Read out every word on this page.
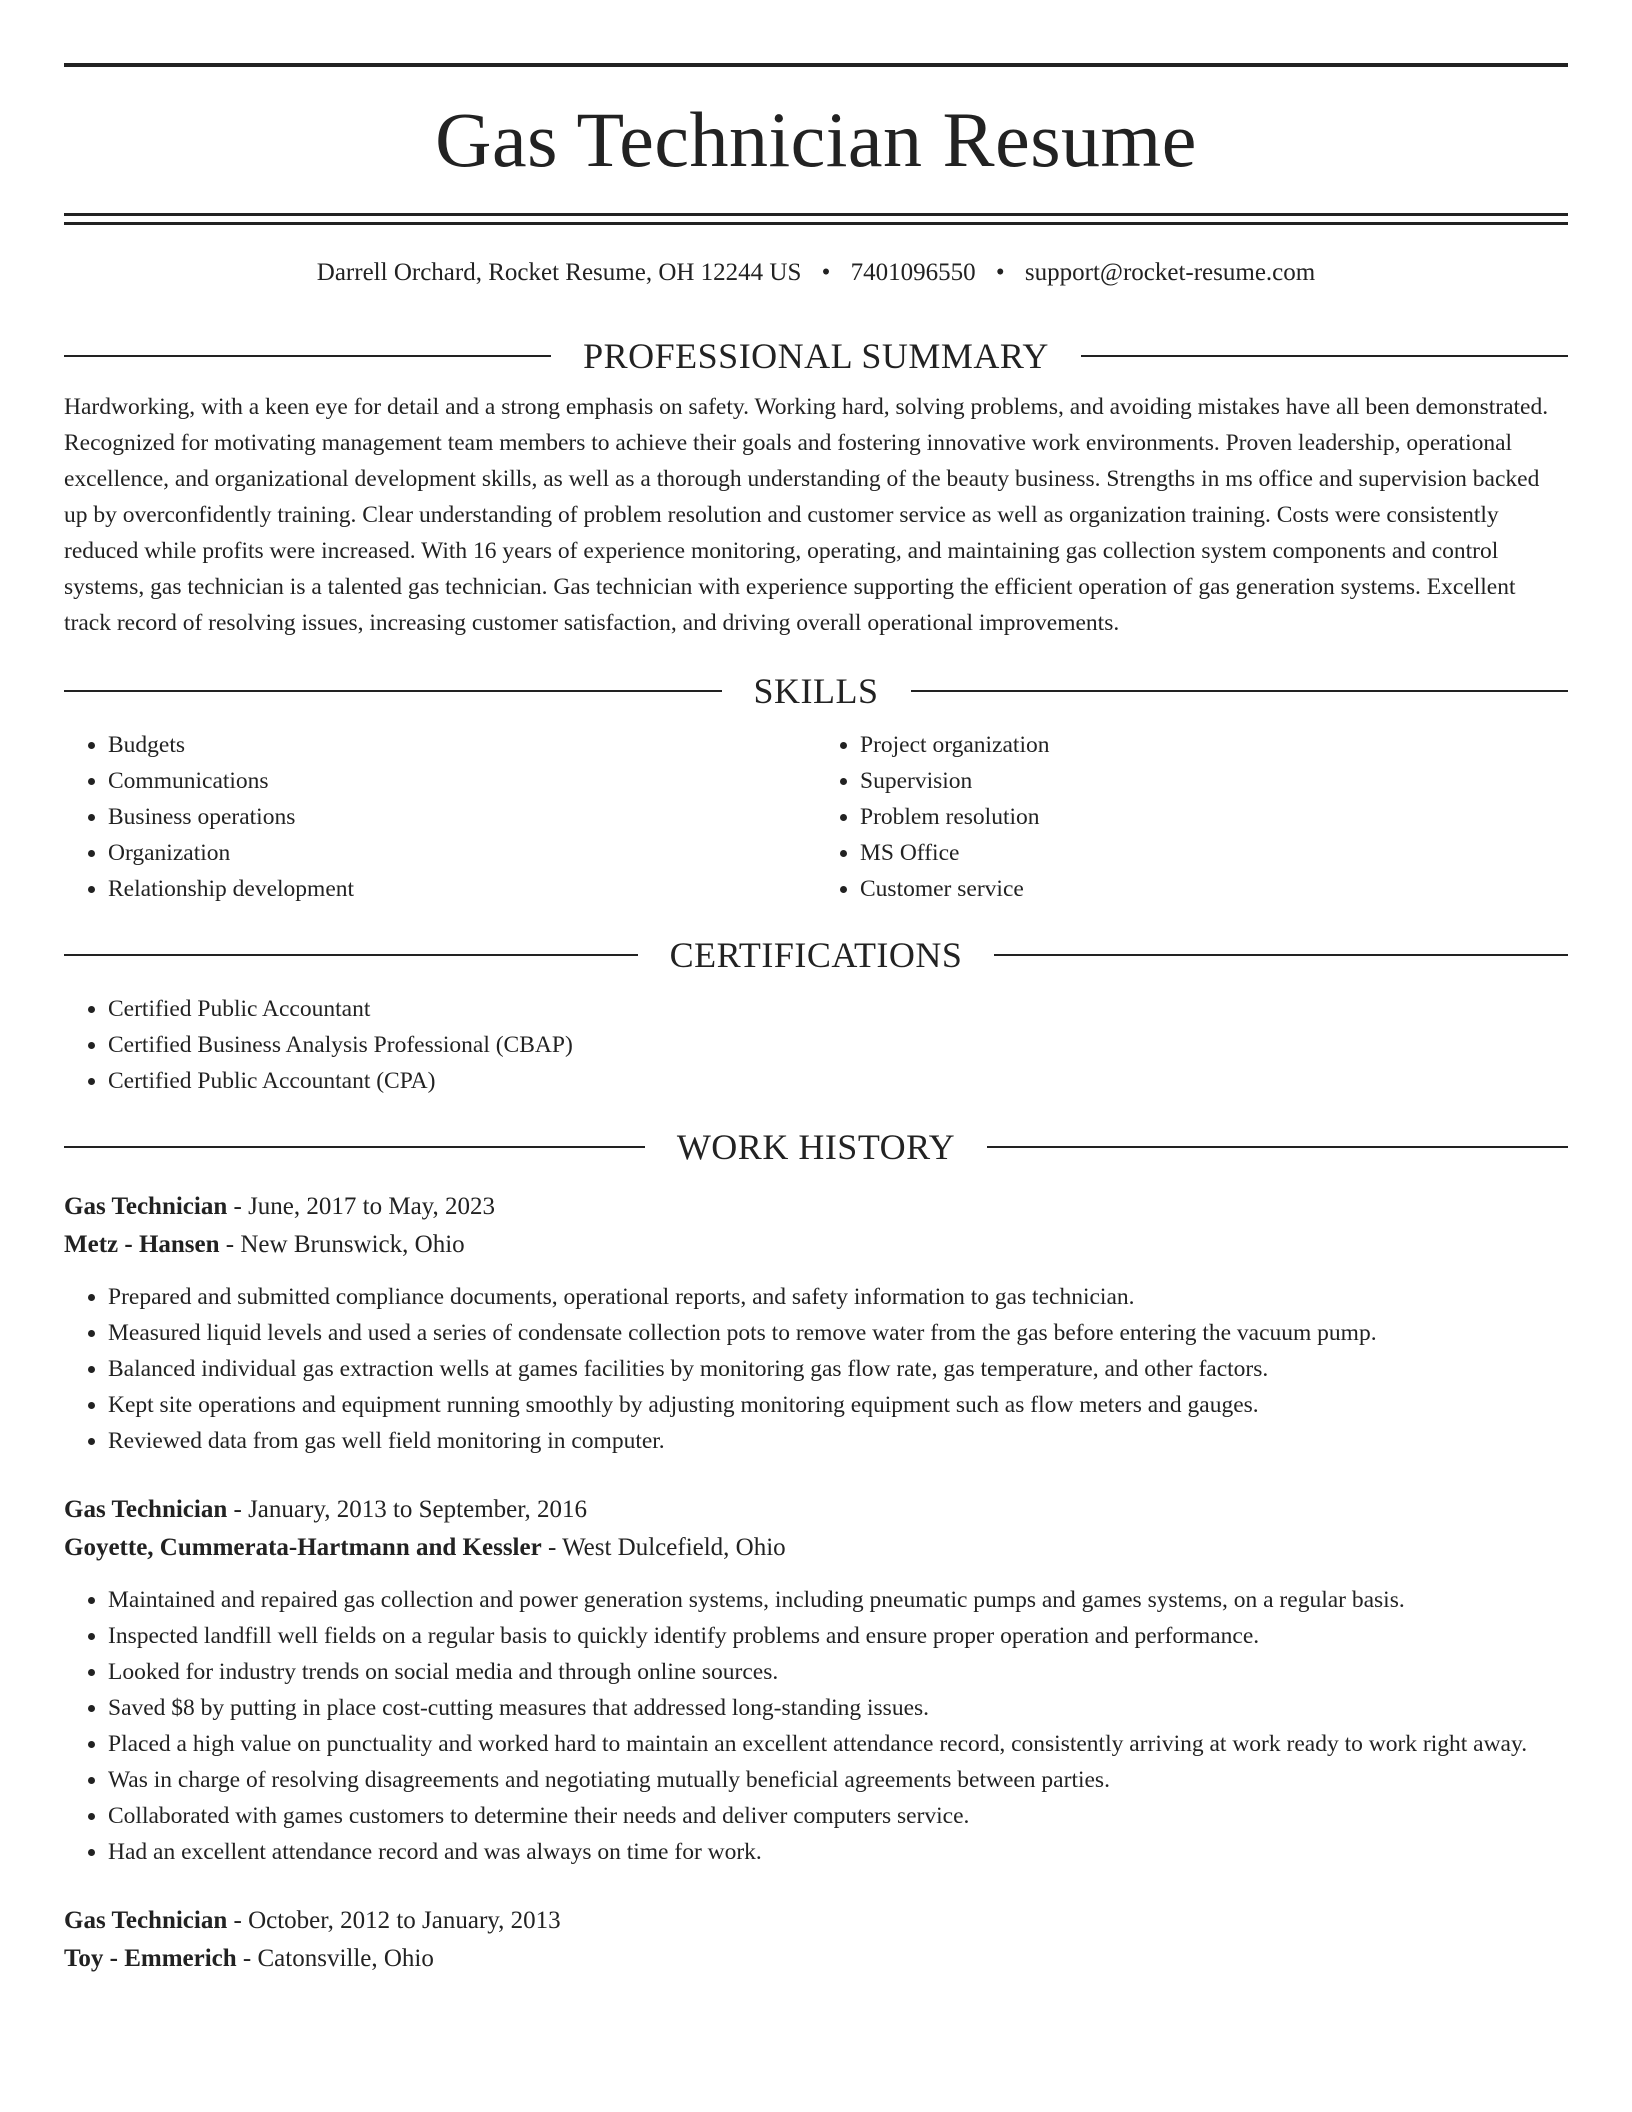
Gas Technician Resume
Darrell Orchard, Rocket Resume, OH 12244 US • 7401096550 • support@rocket-resume.com
PROFESSIONAL SUMMARY
Hardworking, with a keen eye for detail and a strong emphasis on safety. Working hard, solving problems, and avoiding mistakes have all been demonstrated. Recognized for motivating management team members to achieve their goals and fostering innovative work environments. Proven leadership, operational excellence, and organizational development skills, as well as a thorough understanding of the beauty business. Strengths in ms office and supervision backed up by overconfidently training. Clear understanding of problem resolution and customer service as well as organization training. Costs were consistently reduced while profits were increased. With 16 years of experience monitoring, operating, and maintaining gas collection system components and control systems, gas technician is a talented gas technician. Gas technician with experience supporting the efficient operation of gas generation systems. Excellent track record of resolving issues, increasing customer satisfaction, and driving overall operational improvements.
SKILLS
• Budgets
• Communications
• Business operations
• Organization
• Relationship development
• Project organization
• Supervision
• Problem resolution
• MS Office
• Customer service
CERTIFICATIONS
• Certified Public Accountant
• Certified Business Analysis Professional (CBAP)
• Certified Public Accountant (CPA)
WORK HISTORY
Gas Technician - June, 2017 to May, 2023
Metz - Hansen - New Brunswick, Ohio
• Prepared and submitted compliance documents, operational reports, and safety information to gas technician.
• Measured liquid levels and used a series of condensate collection pots to remove water from the gas before entering the vacuum pump.
• Balanced individual gas extraction wells at games facilities by monitoring gas flow rate, gas temperature, and other factors.
• Kept site operations and equipment running smoothly by adjusting monitoring equipment such as flow meters and gauges.
• Reviewed data from gas well field monitoring in computer.
Gas Technician - January, 2013 to September, 2016
Goyette, Cummerata-Hartmann and Kessler - West Dulcefield, Ohio
• Maintained and repaired gas collection and power generation systems, including pneumatic pumps and games systems, on a regular basis.
• Inspected landfill well fields on a regular basis to quickly identify problems and ensure proper operation and performance.
• Looked for industry trends on social media and through online sources.
• Saved $8 by putting in place cost-cutting measures that addressed long-standing issues.
• Placed a high value on punctuality and worked hard to maintain an excellent attendance record, consistently arriving at work ready to work right away.
• Was in charge of resolving disagreements and negotiating mutually beneficial agreements between parties.
• Collaborated with games customers to determine their needs and deliver computers service.
• Had an excellent attendance record and was always on time for work.
Gas Technician - October, 2012 to January, 2013
Toy - Emmerich - Catonsville, Ohio
